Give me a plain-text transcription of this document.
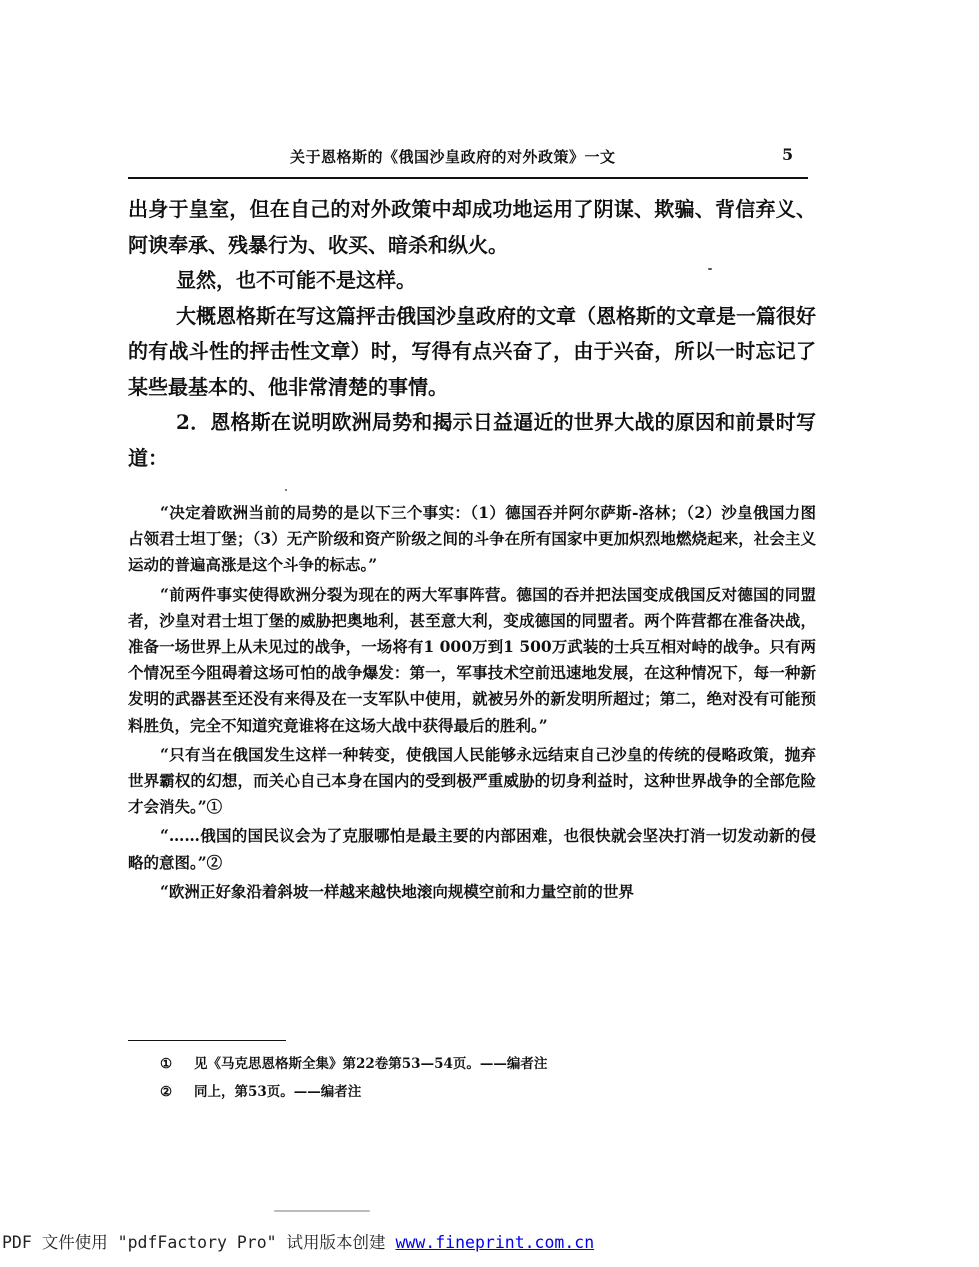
关于恩格斯的《俄国沙皇政府的对外政策》一文	5

出身于皇室，但在自己的对外政策中却成功地运用了阴谋、欺骗、背信弃义、阿谀奉承、残暴行为、收买、暗杀和纵火。

显然，也不可能不是这样。

大概恩格斯在写这篇抨击俄国沙皇政府的文章（恩格斯的文章是一篇很好的有战斗性的抨击性文章）时，写得有点兴奋了，由于兴奋，所以一时忘记了某些最基本的、他非常清楚的事情。

2．恩格斯在说明欧洲局势和揭示日益逼近的世界大战的原因和前景时写道：

“决定着欧洲当前的局势的是以下三个事实：（1）德国吞并阿尔萨斯-洛林；（2）沙皇俄国力图占领君士坦丁堡；（3）无产阶级和资产阶级之间的斗争在所有国家中更加炽烈地燃烧起来，社会主义运动的普遍高涨是这个斗争的标志。”

“前两件事实使得欧洲分裂为现在的两大军事阵营。德国的吞并把法国变成俄国反对德国的同盟者，沙皇对君士坦丁堡的威胁把奥地利，甚至意大利，变成德国的同盟者。两个阵营都在准备决战，准备一场世界上从未见过的战争，一场将有1 000万到1 500万武装的士兵互相对峙的战争。只有两个情况至今阻碍着这场可怕的战争爆发：第一，军事技术空前迅速地发展，在这种情况下，每一种新发明的武器甚至还没有来得及在一支军队中使用，就被另外的新发明所超过；第二，绝对没有可能预料胜负，完全不知道究竟谁将在这场大战中获得最后的胜利。”

“只有当在俄国发生这样一种转变，使俄国人民能够永远结束自己沙皇的传统的侵略政策，抛弃世界霸权的幻想，而关心自己本身在国内的受到极严重威胁的切身利益时，这种世界战争的全部危险才会消失。”①

“……俄国的国民议会为了克服哪怕是最主要的内部困难，也很快就会坚决打消一切发动新的侵略的意图。”②

“欧洲正好象沿着斜坡一样越来越快地滚向规模空前和力量空前的世界

①	见《马克思恩格斯全集》第22卷第53—54页。——编者注
②	同上，第53页。——编者注
PDF 文件使用 "pdfFactory Pro" 试用版本创建 www.fineprint.com.cn
